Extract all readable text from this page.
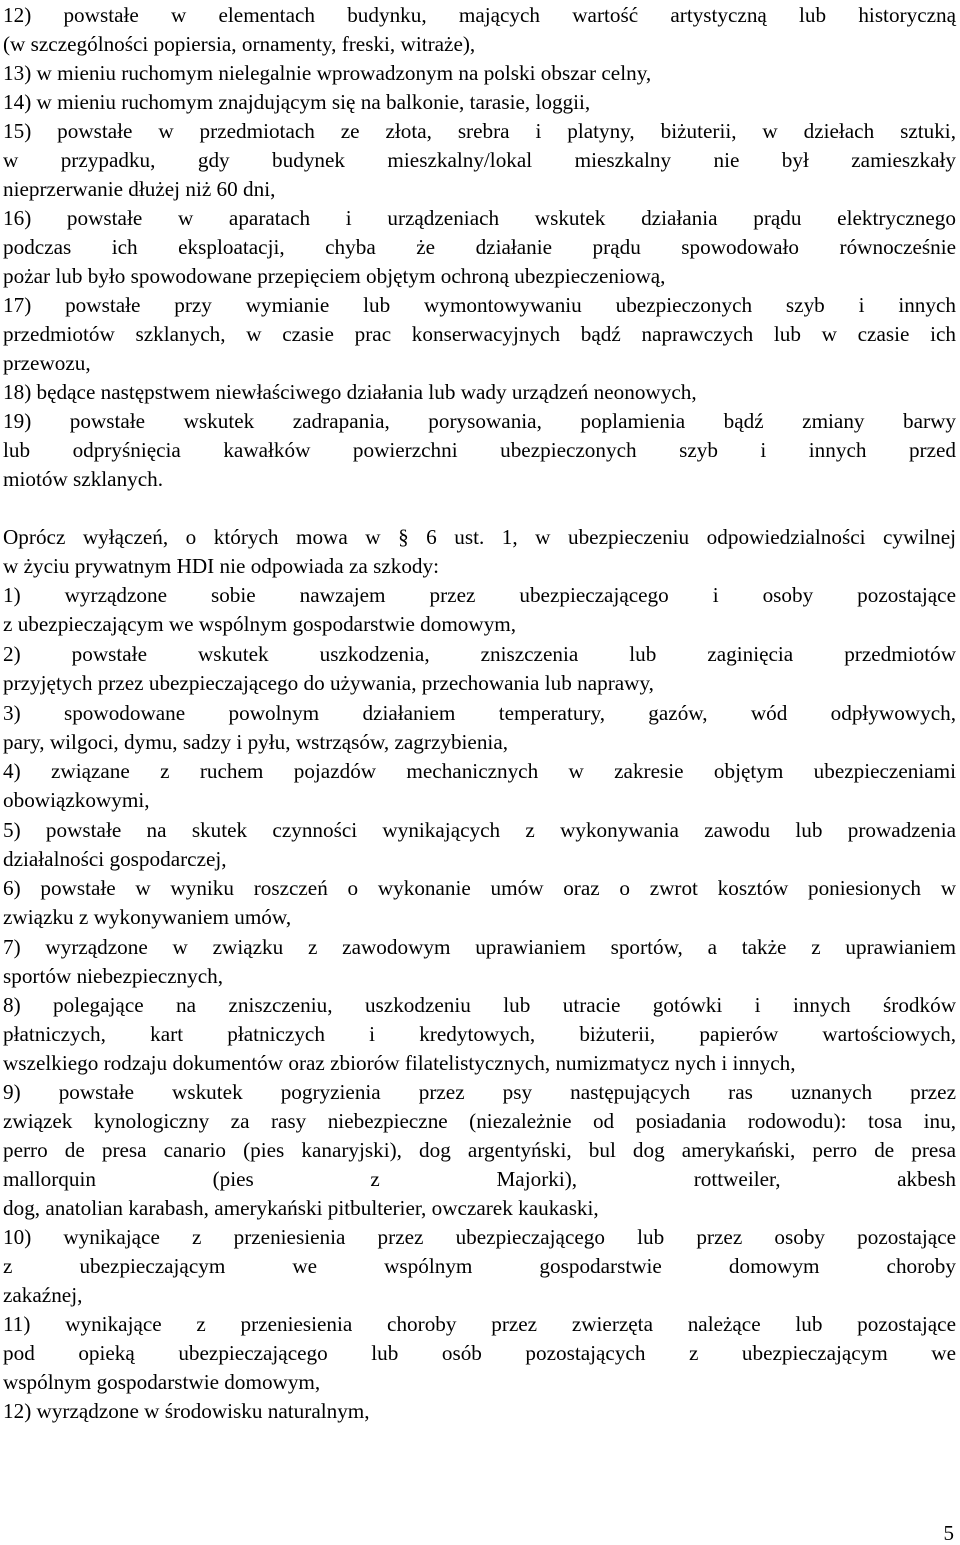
12) powstałe w elementach budynku, mających wartość artystyczną lub historyczną
(w szczególności popiersia, ornamenty, freski, witraże),
13) w mieniu ruchomym nielegalnie wprowadzonym na polski obszar celny,
14) w mieniu ruchomym znajdującym się na balkonie, tarasie, loggii,
15) powstałe w przedmiotach ze złota, srebra i platyny, biżuterii, w dziełach sztuki,
w przypadku, gdy budynek mieszkalny/lokal mieszkalny nie był zamieszkały
nieprzerwanie dłużej niż 60 dni,
16) powstałe w aparatach i urządzeniach wskutek działania prądu elektrycznego
podczas ich eksploatacji, chyba że działanie prądu spowodowało równocześnie
pożar lub było spowodowane przepięciem objętym ochroną ubezpieczeniową,
17) powstałe przy wymianie lub wymontowywaniu ubezpieczonych szyb i innych
przedmiotów szklanych, w czasie prac konserwacyjnych bądź naprawczych lub w czasie ich
przewozu,
18) będące następstwem niewłaściwego działania lub wady urządzeń neonowych,
19) powstałe wskutek zadrapania, porysowania, poplamienia bądź zmiany barwy
lub odpryśnięcia kawałków powierzchni ubezpieczonych szyb i innych przed
miotów szklanych.
Oprócz wyłączeń, o których mowa w § 6 ust. 1, w ubezpieczeniu odpowiedzialności cywilnej
w życiu prywatnym HDI nie odpowiada za szkody:
1) wyrządzone sobie nawzajem przez ubezpieczającego i osoby pozostające
z ubezpieczającym we wspólnym gospodarstwie domowym,
2) powstałe wskutek uszkodzenia, zniszczenia lub zaginięcia przedmiotów
przyjętych przez ubezpieczającego do używania, przechowania lub naprawy,
3) spowodowane powolnym działaniem temperatury, gazów, wód odpływowych,
pary, wilgoci, dymu, sadzy i pyłu, wstrząsów, zagrzybienia,
4) związane z ruchem pojazdów mechanicznych w zakresie objętym ubezpieczeniami
obowiązkowymi,
5) powstałe na skutek czynności wynikających z wykonywania zawodu lub prowadzenia
działalności gospodarczej,
6) powstałe w wyniku roszczeń o wykonanie umów oraz o zwrot kosztów poniesionych w
związku z wykonywaniem umów,
7) wyrządzone w związku z zawodowym uprawianiem sportów, a także z uprawianiem
sportów niebezpiecznych,
8) polegające na zniszczeniu, uszkodzeniu lub utracie gotówki i innych środków
płatniczych, kart płatniczych i kredytowych, biżuterii, papierów wartościowych,
wszelkiego rodzaju dokumentów oraz zbiorów filatelistycznych, numizmatycz nych i innych,
9) powstałe wskutek pogryzienia przez psy następujących ras uznanych przez
związek kynologiczny za rasy niebezpieczne (niezależnie od posiadania rodowodu): tosa inu,
perro de presa canario (pies kanaryjski), dog argentyński, bul dog amerykański, perro de presa
mallorquin (pies z Majorki), rottweiler, akbesh
dog, anatolian karabash, amerykański pitbulterier, owczarek kaukaski,
10) wynikające z przeniesienia przez ubezpieczającego lub przez osoby pozostające
z ubezpieczającym we wspólnym gospodarstwie domowym choroby
zakaźnej,
11) wynikające z przeniesienia choroby przez zwierzęta należące lub pozostające
pod opieką ubezpieczającego lub osób pozostających z ubezpieczającym we
wspólnym gospodarstwie domowym,
12) wyrządzone w środowisku naturalnym,
5
